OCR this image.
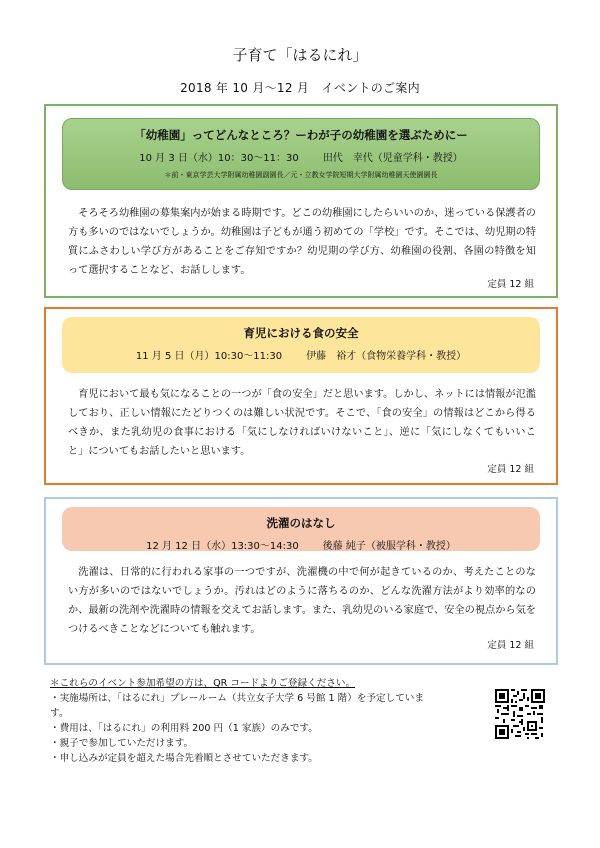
子育て「はるにれ」
2018 年 10 月～12 月　イベントのご案内
「幼稚園」ってどんなところ？ーわが子の幼稚園を選ぶためにー
10 月 3 日（水）10：30～11：30 田代　幸代（児童学科・教授）
＊前・東京学芸大学附属幼稚園副園長／元・立教女学院短期大学附属幼稚園天使園園長
そろそろ幼稚園の募集案内が始まる時期です。どこの幼稚園にしたらいいのか、迷っている保護者の方も多いのではないでしょうか。幼稚園は子どもが通う初めての「学校」です。そこでは、幼児期の特質にふさわしい学び方があることをご存知ですか？幼児期の学び方、幼稚園の役割、各園の特徴を知って選択することなど、お話しします。
定員 12 組
育児における食の安全
11 月 5 日（月）10:30～11:30 伊藤　裕才（食物栄養学科・教授）
育児において最も気になることの一つが「食の安全」だと思います。しかし、ネットには情報が氾濫しており、正しい情報にたどりつくのは難しい状況です。そこで、「食の安全」の情報はどこから得るべきか、また乳幼児の食事における「気にしなければいけないこと」、逆に「気にしなくてもいいこと」についてもお話したいと思います。
定員 12 組
洗濯のはなし
12 月 12 日（水）13:30～14:30 後藤 純子（被服学科・教授）
洗濯は、日常的に行われる家事の一つですが、洗濯機の中で何が起きているのか、考えたことのない方が多いのではないでしょうか。汚れはどのように落ちるのか、どんな洗濯方法がより効率的なのか、最新の洗剤や洗濯時の情報を交えてお話します。また、乳幼児のいる家庭で、安全の視点から気をつけるべきことなどについても触れます。
定員 12 組
＊これらのイベント参加希望の方は、QR コードよりご登録ください。
・実施場所は、「はるにれ」プレールーム（共立女子大学 6 号館 1 階）を予定しています。
・費用は、「はるにれ」の利用料 200 円（1 家族）のみです。
・親子で参加していただけます。
・申し込みが定員を超えた場合先着順とさせていただきます。
